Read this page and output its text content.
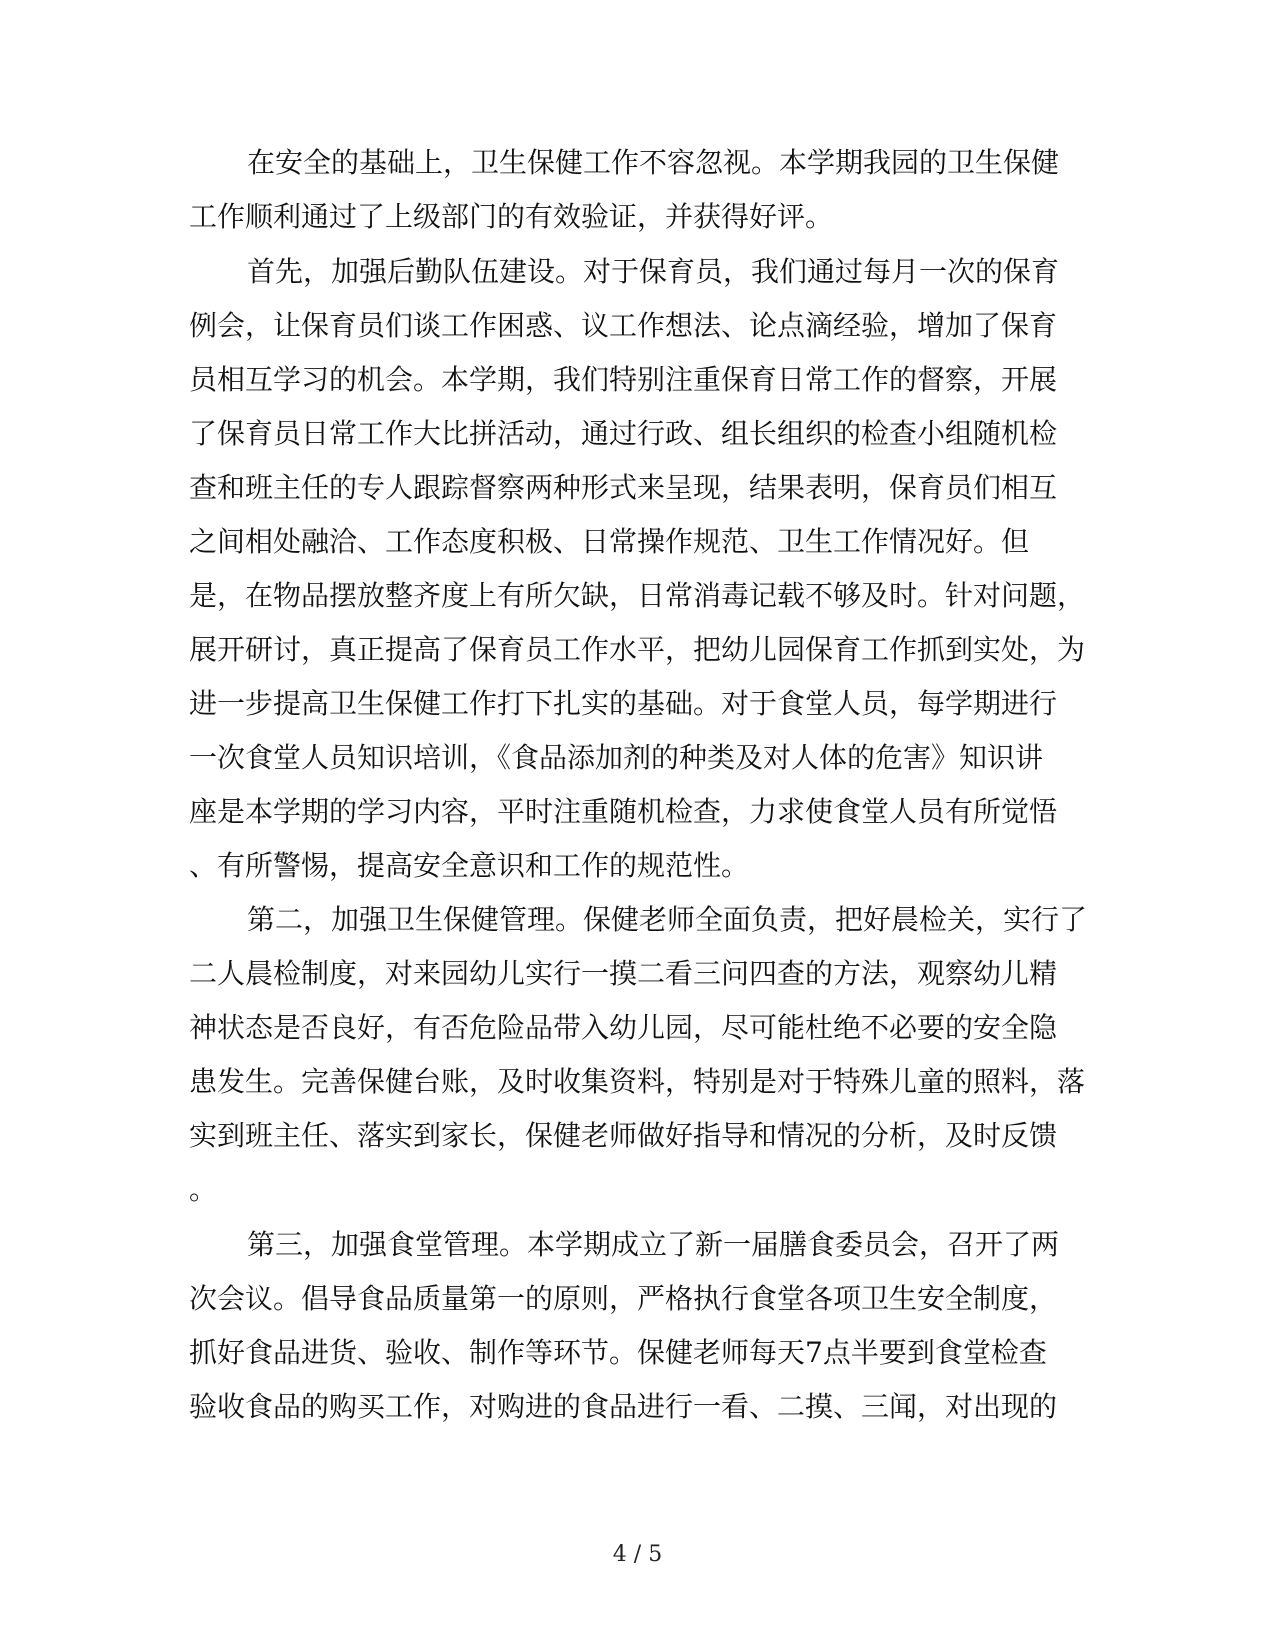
在安全的基础上，卫生保健工作不容忽视。本学期我园的卫生保健
工作顺利通过了上级部门的有效验证，并获得好评。
首先，加强后勤队伍建设。对于保育员，我们通过每月一次的保育
例会，让保育员们谈工作困惑、议工作想法、论点滴经验，增加了保育
员相互学习的机会。本学期，我们特别注重保育日常工作的督察，开展
了保育员日常工作大比拼活动，通过行政、组长组织的检查小组随机检
查和班主任的专人跟踪督察两种形式来呈现，结果表明，保育员们相互
之间相处融洽、工作态度积极、日常操作规范、卫生工作情况好。但
是，在物品摆放整齐度上有所欠缺，日常消毒记载不够及时。针对问题，
展开研讨，真正提高了保育员工作水平，把幼儿园保育工作抓到实处，为
进一步提高卫生保健工作打下扎实的基础。对于食堂人员，每学期进行
一次食堂人员知识培训，《食品添加剂的种类及对人体的危害》知识讲
座是本学期的学习内容，平时注重随机检查，力求使食堂人员有所觉悟
、有所警惕，提高安全意识和工作的规范性。
第二，加强卫生保健管理。保健老师全面负责，把好晨检关，实行了
二人晨检制度，对来园幼儿实行一摸二看三问四查的方法，观察幼儿精
神状态是否良好，有否危险品带入幼儿园，尽可能杜绝不必要的安全隐
患发生。完善保健台账，及时收集资料，特别是对于特殊儿童的照料，落
实到班主任、落实到家长，保健老师做好指导和情况的分析，及时反馈
。
第三，加强食堂管理。本学期成立了新一届膳食委员会，召开了两
次会议。倡导食品质量第一的原则，严格执行食堂各项卫生安全制度，
抓好食品进货、验收、制作等环节。保健老师每天7点半要到食堂检查
验收食品的购买工作，对购进的食品进行一看、二摸、三闻，对出现的
4 / 5
